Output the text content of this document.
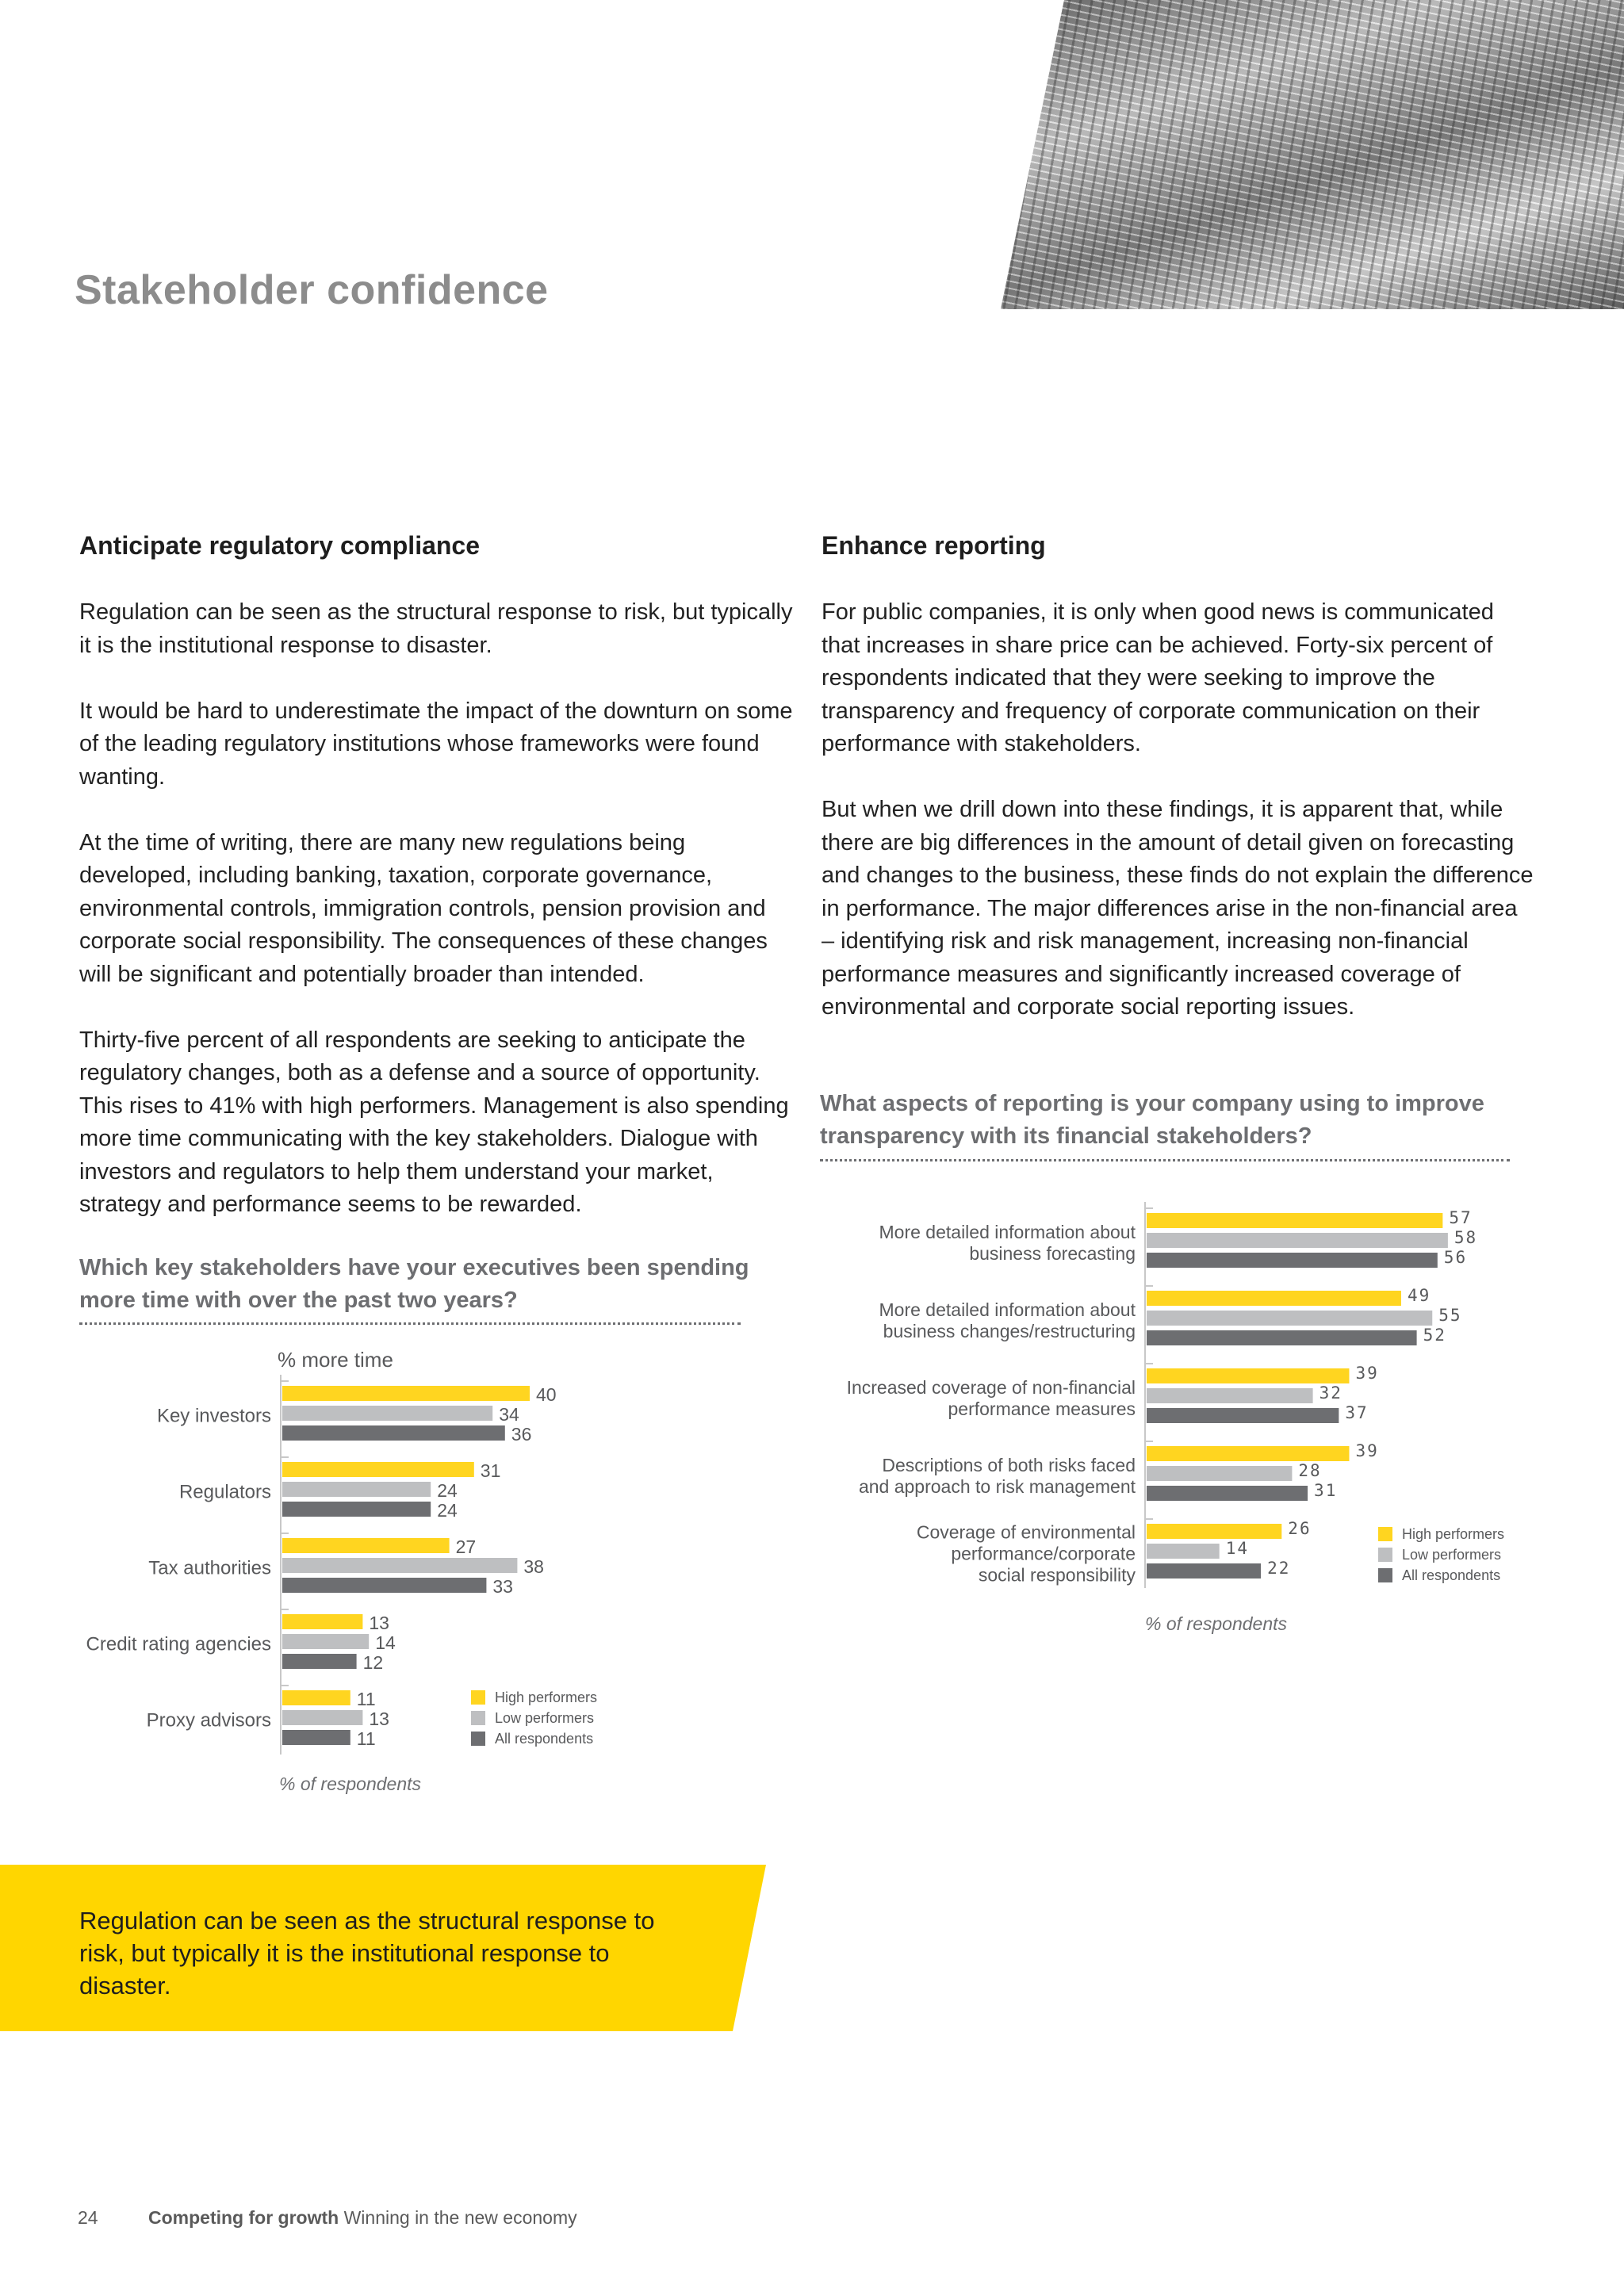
Stakeholder confidence
Anticipate regulatory compliance

Regulation can be seen as the structural response to risk, but typically it is the institutional response to disaster.

It would be hard to underestimate the impact of the downturn on some of the leading regulatory institutions whose frameworks were found wanting.

At the time of writing, there are many new regulations being developed, including banking, taxation, corporate governance, environmental controls, immigration controls, pension provision and corporate social responsibility. The consequences of these changes will be significant and potentially broader than intended.

Thirty-five percent of all respondents are seeking to anticipate the regulatory changes, both as a defense and a source of opportunity. This rises to 41% with high performers. Management is also spending more time communicating with the key stakeholders. Dialogue with investors and regulators to help them understand your market, strategy and performance seems to be rewarded.

Which key stakeholders have your executives been spending more time with over the past two years?
% more time
Key investors
40
34
36
Regulators
31
24
24
Tax authorities
27
38
33
Credit rating agencies
13
14
12
Proxy advisors
11
13
11
High performers
Low performers
All respondents
% of respondents
Enhance reporting

For public companies, it is only when good news is communicated that increases in share price can be achieved. Forty-six percent of respondents indicated that they were seeking to improve the transparency and frequency of corporate communication on their performance with stakeholders.

But when we drill down into these findings, it is apparent that, while there are big differences in the amount of detail given on forecasting and changes to the business, these finds do not explain the difference in performance. The major differences arise in the non-financial area – identifying risk and risk management, increasing non-financial performance measures and significantly increased coverage of environmental and corporate social reporting issues.

What aspects of reporting is your company using to improve transparency with its financial stakeholders?
More detailed information about business forecasting
57
58
56
More detailed information about business changes/restructuring
49
55
52
Increased coverage of non-financial performance measures
39
32
37
Descriptions of both risks faced and approach to risk management
39
28
31
Coverage of environmental performance/corporate social responsibility
26
14
22
High performers
Low performers
All respondents
% of respondents
Regulation can be seen as the structural response to risk, but typically it is the institutional response to disaster.
24	Competing for growth Winning in the new economy
